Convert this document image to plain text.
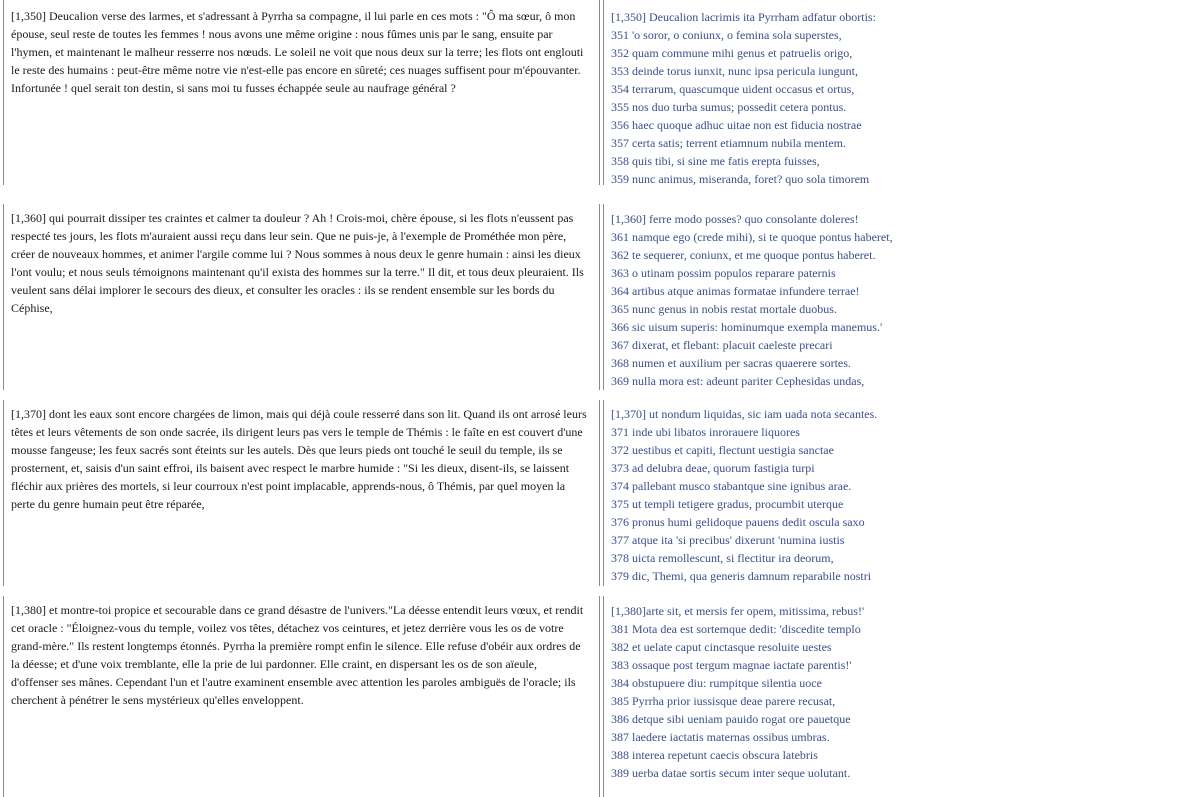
[1,350] Deucalion verse des larmes, et s'adressant à Pyrrha sa compagne, il lui parle en ces mots : "Ô ma sœur, ô mon épouse, seul reste de toutes les femmes ! nous avons une même origine : nous fûmes unis par le sang, ensuite par l'hymen, et maintenant le malheur resserre nos nœuds. Le soleil ne voit que nous deux sur la terre; les flots ont englouti le reste des humains : peut-être même notre vie n'est-elle pas encore en sûreté; ces nuages suffisent pour m'épouvanter. Infortunée ! quel serait ton destin, si sans moi tu fusses échappée seule au naufrage général ?
[1,350] Deucalion lacrimis ita Pyrrham adfatur obortis:
351 'o soror, o coniunx, o femina sola superstes,
352 quam commune mihi genus et patruelis origo,
353 deinde torus iunxit, nunc ipsa pericula iungunt,
354 terrarum, quascumque uident occasus et ortus,
355 nos duo turba sumus; possedit cetera pontus.
356 haec quoque adhuc uitae non est fiducia nostrae
357 certa satis; terrent etiamnum nubila mentem.
358 quis tibi, si sine me fatis erepta fuisses,
359 nunc animus, miseranda, foret? quo sola timorem
[1,360] qui pourrait dissiper tes craintes et calmer ta douleur ? Ah ! Crois-moi, chère épouse, si les flots n'eussent pas respecté tes jours, les flots m'auraient aussi reçu dans leur sein. Que ne puis-je, à l'exemple de Prométhée mon père, créer de nouveaux hommes, et animer l'argile comme lui ? Nous sommes à nous deux le genre humain : ainsi les dieux l'ont voulu; et nous seuls témoignons maintenant qu'il exista des hommes sur la terre." Il dit, et tous deux pleuraient. Ils veulent sans délai implorer le secours des dieux, et consulter les oracles : ils se rendent ensemble sur les bords du Céphise,
[1,360] ferre modo posses? quo consolante doleres!
361 namque ego (crede mihi), si te quoque pontus haberet,
362 te sequerer, coniunx, et me quoque pontus haberet.
363 o utinam possim populos reparare paternis
364 artibus atque animas formatae infundere terrae!
365 nunc genus in nobis restat mortale duobus.
366 sic uisum superis: hominumque exempla manemus.'
367 dixerat, et flebant: placuit caeleste precari
368 numen et auxilium per sacras quaerere sortes.
369 nulla mora est: adeunt pariter Cephesidas undas,
[1,370] dont les eaux sont encore chargées de limon, mais qui déjà coule resserré dans son lit. Quand ils ont arrosé leurs têtes et leurs vêtements de son onde sacrée, ils dirigent leurs pas vers le temple de Thémis : le faîte en est couvert d'une mousse fangeuse; les feux sacrés sont éteints sur les autels. Dès que leurs pieds ont touché le seuil du temple, ils se prosternent, et, saisis d'un saint effroi, ils baisent avec respect le marbre humide : "Si les dieux, disent-ils, se laissent fléchir aux prières des mortels, si leur courroux n'est point implacable, apprends-nous, ô Thémis, par quel moyen la perte du genre humain peut être réparée,
[1,370] ut nondum liquidas, sic iam uada nota secantes.
371 inde ubi libatos inrorauere liquores
372 uestibus et capiti, flectunt uestigia sanctae
373 ad delubra deae, quorum fastigia turpi
374 pallebant musco stabantque sine ignibus arae.
375 ut templi tetigere gradus, procumbit uterque
376 pronus humi gelidoque pauens dedit oscula saxo
377 atque ita 'si precibus' dixerunt 'numina iustis
378 uicta remollescunt, si flectitur ira deorum,
379 dic, Themi, qua generis damnum reparabile nostri
[1,380] et montre-toi propice et secourable dans ce grand désastre de l'univers."La déesse entendit leurs vœux, et rendit cet oracle : "Éloignez-vous du temple, voilez vos têtes, détachez vos ceintures, et jetez derrière vous les os de votre grand-mère." Ils restent longtemps étonnés. Pyrrha la première rompt enfin le silence. Elle refuse d'obéir aux ordres de la déesse; et d'une voix tremblante, elle la prie de lui pardonner. Elle craint, en dispersant les os de son aïeule, d'offenser ses mânes. Cependant l'un et l'autre examinent ensemble avec attention les paroles ambiguës de l'oracle; ils cherchent à pénétrer le sens mystérieux qu'elles enveloppent.
[1,380]arte sit, et mersis fer opem, mitissima, rebus!'
381 Mota dea est sortemque dedit: 'discedite templo
382 et uelate caput cinctasque resoluite uestes
383 ossaque post tergum magnae iactate parentis!'
384 obstupuere diu: rumpitque silentia uoce
385 Pyrrha prior iussisque deae parere recusat,
386 detque sibi ueniam pauido rogat ore pauetque
387 laedere iactatis maternas ossibus umbras.
388 interea repetunt caecis obscura latebris
389 uerba datae sortis secum inter seque uolutant.
